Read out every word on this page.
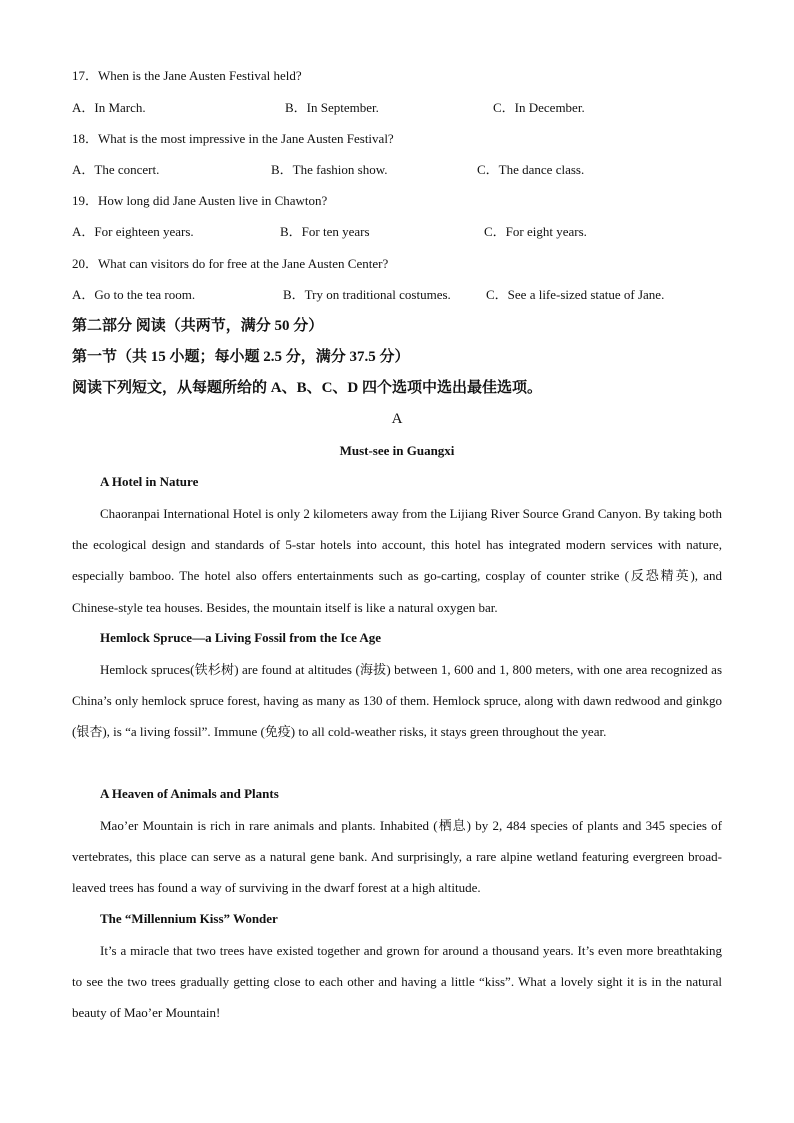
17．When is the Jane Austen Festival held?
A．In March.	B．In September.	C．In December.
18．What is the most impressive in the Jane Austen Festival?
A．The concert.	B．The fashion show.	C．The dance class.
19．How long did Jane Austen live in Chawton?
A．For eighteen years.	B．For ten years	C．For eight years.
20．What can visitors do for free at the Jane Austen Center?
A．Go to the tea room.	B．Try on traditional costumes.	C．See a life-sized statue of Jane.
第二部分 阅读（共两节，满分 50 分）
第一节（共 15 小题；每小题 2.5 分，满分 37.5 分）
阅读下列短文，从每题所给的 A、B、C、D 四个选项中选出最佳选项。
A
Must-see in Guangxi
A Hotel in Nature

Chaoranpai International Hotel is only 2 kilometers away from the Lijiang River Source Grand Canyon. By taking both the ecological design and standards of 5-star hotels into account, this hotel has integrated modern services with nature, especially bamboo. The hotel also offers entertainments such as go-carting, cosplay of counter strike (反恐精英), and Chinese-style tea houses. Besides, the mountain itself is like a natural oxygen bar.

Hemlock Spruce—a Living Fossil from the Ice Age

Hemlock spruces(铁杉树) are found at altitudes (海拔) between 1, 600 and 1, 800 meters, with one area recognized as China’s only hemlock spruce forest, having as many as 130 of them. Hemlock spruce, along with dawn redwood and ginkgo (银杏), is “a living fossil”. Immune (免疫) to all cold-weather risks, it stays green throughout the year.

A Heaven of Animals and Plants

Mao’er Mountain is rich in rare animals and plants. Inhabited (栖息) by 2, 484 species of plants and 345 species of vertebrates, this place can serve as a natural gene bank. And surprisingly, a rare alpine wetland featuring evergreen broad-leaved trees has found a way of surviving in the dwarf forest at a high altitude.

The “Millennium Kiss” Wonder

It’s a miracle that two trees have existed together and grown for around a thousand years. It’s even more breathtaking to see the two trees gradually getting close to each other and having a little “kiss”. What a lovely sight it is in the natural beauty of Mao’er Mountain!
